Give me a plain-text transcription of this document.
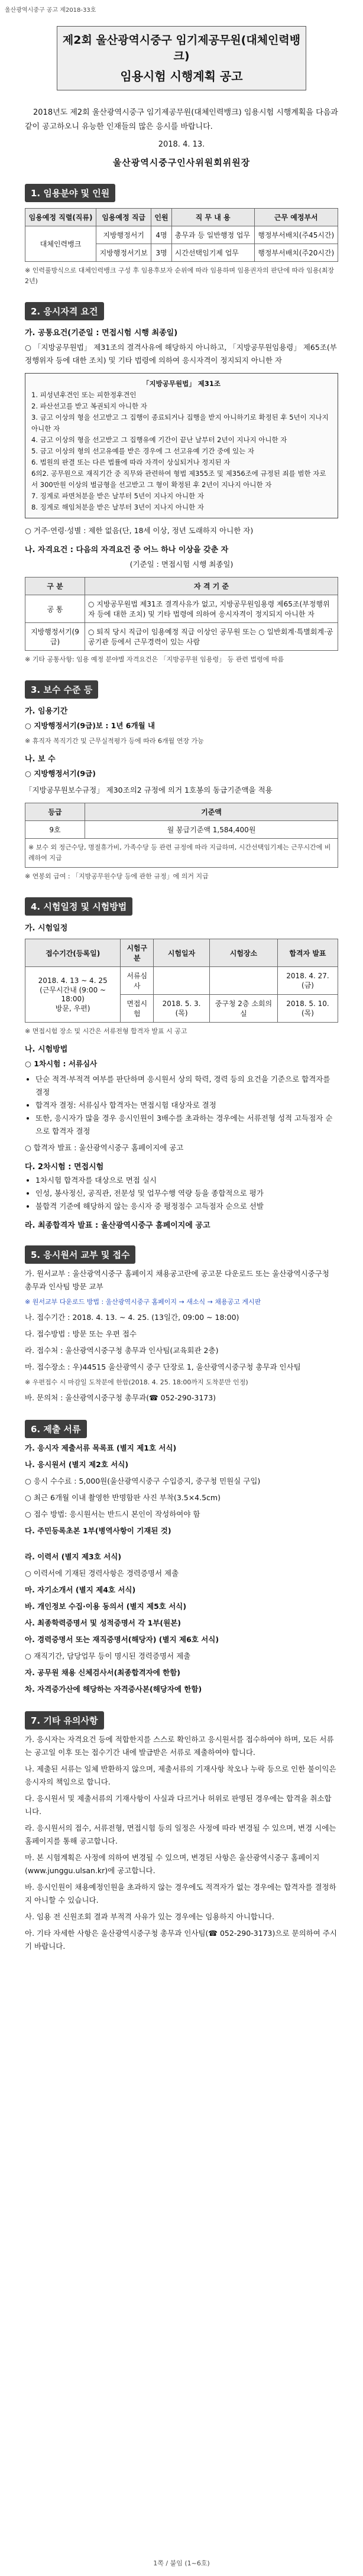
울산광역시중구 공고 제2018-33호
제2회 울산광역시중구 임기제공무원(대체인력뱅크)
임용시험 시행계획 공고
2018년도 제2회 울산광역시중구 임기제공무원(대체인력뱅크) 임용시험 시행계획을 다음과 같이 공고하오니 유능한 인재들의 많은 응시를 바랍니다.
2018. 4. 13.
울산광역시중구인사위원회위원장
1. 임용분야 및 인원
임용예정 직렬(직류)	임용예정 직급	인원	직 무 내 용	근무 예정부서
대체인력뱅크	지방행정서기	4명	총무과 등 일반행정 업무	행정부서배치(주45시간)
	지방행정서기보	3명	시간선택임기제 업무	행정부서배치(주20시간)
※ 인력풀방식으로 대체인력뱅크 구성 후 임용후보자 순위에 따라 임용하며 임용권자의 판단에 따라 임용(최장 2년)
2. 응시자격 요건
가. 공통요건(기준일 : 면접시험 시행 최종일)
○ 「지방공무원법」 제31조의 결격사유에 해당하지 아니하고, 「지방공무원임용령」 제65조(부정행위자 등에 대한 조치) 및 기타 법령에 의하여 응시자격이 정지되지 아니한 자
「지방공무원법」 제31조
1. 피성년후견인 또는 피한정후견인
2. 파산선고를 받고 복권되지 아니한 자
3. 금고 이상의 형을 선고받고 그 집행이 종료되거나 집행을 받지 아니하기로 확정된 후 5년이 지나지 아니한 자
4. 금고 이상의 형을 선고받고 그 집행유예 기간이 끝난 날부터 2년이 지나지 아니한 자
5. 금고 이상의 형의 선고유예를 받은 경우에 그 선고유예 기간 중에 있는 자
6. 법원의 판결 또는 다른 법률에 따라 자격이 상실되거나 정지된 자
6의2. 공무원으로 재직기간 중 직무와 관련하여 형법 제355조 및 제356조에 규정된 죄를 범한 자로서 300만원 이상의 벌금형을 선고받고 그 형이 확정된 후 2년이 지나지 아니한 자
7. 징계로 파면처분을 받은 날부터 5년이 지나지 아니한 자
8. 징계로 해임처분을 받은 날부터 3년이 지나지 아니한 자
○ 거주·연령·성별 : 제한 없음(단, 18세 이상, 정년 도래하지 아니한 자)
나. 자격요건 : 다음의 자격요건 중 어느 하나 이상을 갖춘 자
(기준일 : 면접시험 시행 최종일)
구 분	자 격 기 준
공 통	○ 지방공무원법 제31조 결격사유가 없고, 지방공무원임용령 제65조(부정행위자 등에 대한 조치) 및 기타 법령에 의하여 응시자격이 정지되지 아니한 자
지방행정서기(9급)	○ 퇴직 당시 직급이 임용예정 직급 이상인 공무원 또는 ○ 일반회계·특별회계·공공기관 등에서 근무경력이 있는 사람
※ 기타 공통사항: 임용 예정 분야별 자격요건은 「지방공무원 임용령」 등 관련 법령에 따름
3. 보수 수준 등
가. 임용기간
○ 지방행정서기(9급)보 : 1년 6개월 내
※ 휴직자 복직기간 및 근무실적평가 등에 따라 6개월 연장 가능
나. 보 수
○ 지방행정서기(9급)
「지방공무원보수규정」 제30조의2 규정에 의거 1호봉의 동급기준액을 적용
등급	기준액
9호	월 봉급기준액 1,584,400원
※ 보수 외 정근수당, 명절휴가비, 가족수당 등 관련 규정에 따라 지급하며, 시간선택임기제는 근무시간에 비례하여 지급	
※ 연봉외 급여 : 「지방공무원수당 등에 관한 규정」에 의거 지급
4. 시험일정 및 시험방법
가. 시험일정
접수기간(등록일)	시험구분	시험일자	시험장소	합격자 발표
2018. 4. 13 ~ 4. 25
(근무시간내 (9:00 ~ 18:00)
방문, 우편)	서류심사			2018. 4. 27.(금)
	면접시험	2018. 5. 3.(목)	중구청 2층 소회의실	2018. 5. 10.(목)
※ 면접시험 장소 및 시간은 서류전형 합격자 발표 시 공고
나. 시험방법
○ 1차시험 : 서류심사
• 단순 적격·부적격 여부를 판단하며 응시원서 상의 학력, 경력 등의 요건을 기준으로 합격자를 결정
• 합격자 결정: 서류심사 합격자는 면접시험 대상자로 결정
• 또한, 응시자가 많을 경우 응시인원이 3배수를 초과하는 경우에는 서류전형 성적 고득점자 순으로 합격자 결정
○ 합격자 발표 : 울산광역시중구 홈페이지에 공고
다. 2차시험 : 면접시험
• 1차시험 합격자를 대상으로 면접 실시
• 인성, 봉사정신, 공직관, 전문성 및 업무수행 역량 등을 종합적으로 평가
• 불합격 기준에 해당하지 않는 응시자 중 평정점수 고득점자 순으로 선발
라. 최종합격자 발표 : 울산광역시중구 홈페이지에 공고
5. 응시원서 교부 및 접수
가. 원서교부 : 울산광역시중구 홈페이지 채용공고란에 공고문 다운로드 또는 울산광역시중구청 총무과 인사팀 방문 교부
※ 원서교부 다운로드 방법 : 울산광역시중구 홈페이지 → 새소식 → 채용공고 게시판
나. 접수기간 : 2018. 4. 13. ~ 4. 25. (13일간, 09:00 ~ 18:00)
다. 접수방법 : 방문 또는 우편 접수
라. 접수처 : 울산광역시중구청 총무과 인사팀(교육회관 2층)
마. 접수장소 : 우)44515 울산광역시 중구 단장로 1, 울산광역시중구청 총무과 인사팀
※ 우편접수 시 마감일 도착분에 한함(2018. 4. 25. 18:00까지 도착분만 인정)
바. 문의처 : 울산광역시중구청 총무과(☎ 052-290-3173)
6. 제출 서류
가. 응시자 제출서류 목록표 (별지 제1호 서식)
나. 응시원서 (별지 제2호 서식)
○ 응시 수수료 : 5,000원(울산광역시중구 수입증지, 중구청 민원실 구입)
○ 최근 6개월 이내 촬영한 반명함판 사진 부착(3.5×4.5cm)
○ 접수 방법: 응시원서는 반드시 본인이 작성하여야 함
다. 주민등록초본 1부(병역사항이 기재된 것)
라. 이력서 (별지 제3호 서식)
○ 이력서에 기재된 경력사항은 경력증명서 제출
마. 자기소개서 (별지 제4호 서식)
바. 개인정보 수집·이용 동의서 (별지 제5호 서식)
사. 최종학력증명서 및 성적증명서 각 1부(원본)
아. 경력증명서 또는 재직증명서(해당자) (별지 제6호 서식)
○ 재직기간, 담당업무 등이 명시된 경력증명서 제출
자. 공무원 채용 신체검사서(최종합격자에 한함)
차. 자격증가산에 해당하는 자격증사본(해당자에 한함)
7. 기타 유의사항
가. 응시자는 자격요건 등에 적합한지를 스스로 확인하고 응시원서를 접수하여야 하며, 모든 서류는 공고일 이후 또는 접수기간 내에 발급받은 서류로 제출하여야 합니다.
나. 제출된 서류는 일체 반환하지 않으며, 제출서류의 기재사항 착오나 누락 등으로 인한 불이익은 응시자의 책임으로 합니다.
다. 응시원서 및 제출서류의 기재사항이 사실과 다르거나 허위로 판명된 경우에는 합격을 취소합니다.
라. 응시원서의 접수, 서류전형, 면접시험 등의 일정은 사정에 따라 변경될 수 있으며, 변경 시에는 홈페이지를 통해 공고합니다.
마. 본 시험계획은 사정에 의하여 변경될 수 있으며, 변경된 사항은 울산광역시중구 홈페이지(www.junggu.ulsan.kr)에 공고합니다.
바. 응시인원이 채용예정인원을 초과하지 않는 경우에도 적격자가 없는 경우에는 합격자를 결정하지 아니할 수 있습니다.
사. 임용 전 신원조회 결과 부적격 사유가 있는 경우에는 임용하지 아니합니다.
아. 기타 자세한 사항은 울산광역시중구청 총무과 인사팀(☎ 052-290-3173)으로 문의하여 주시기 바랍니다.
1쪽 / 붙임 (1~6호)
